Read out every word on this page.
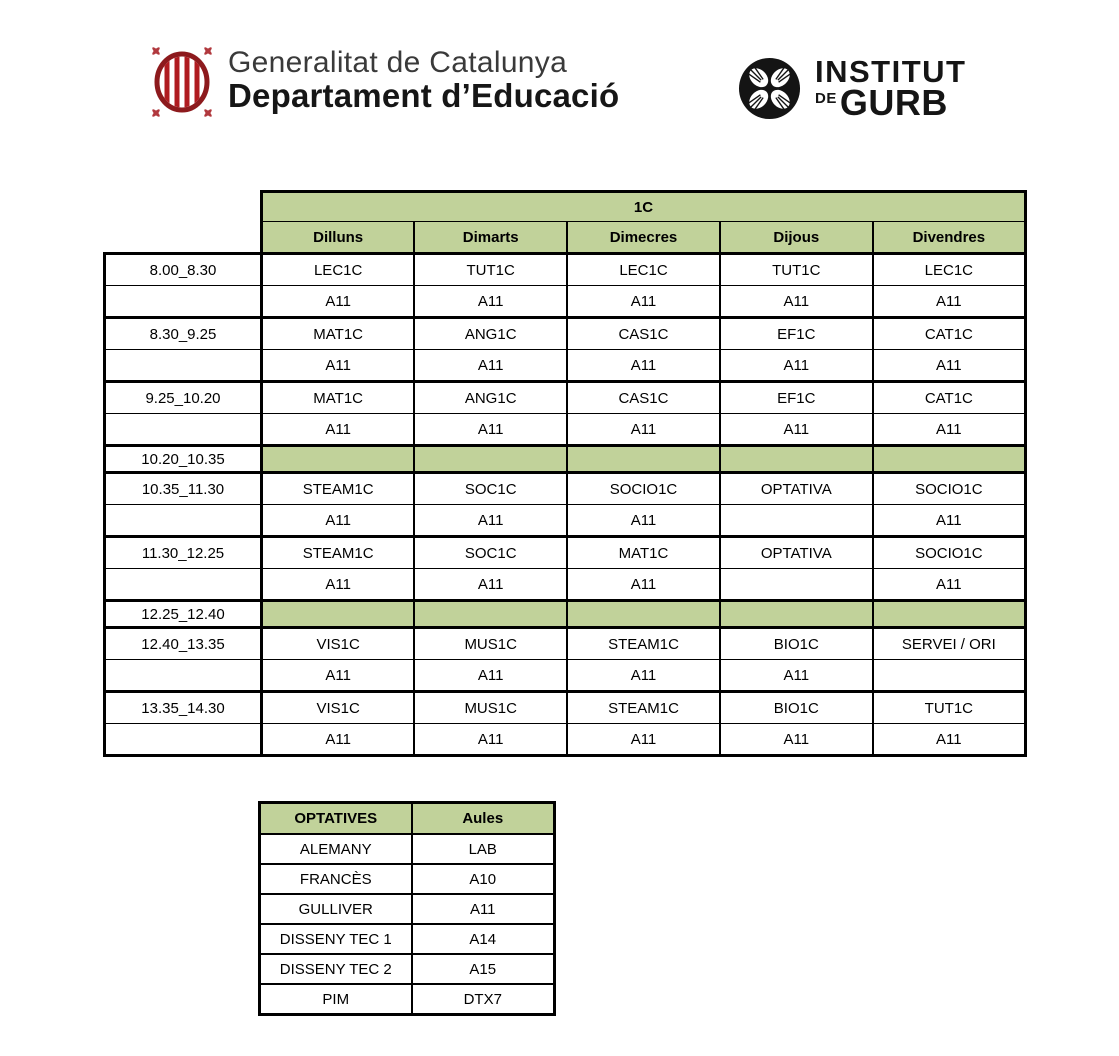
Generalitat de Catalunya
Departament d’Educació
INSTITUT
DE GURB
	1C				
	Dilluns	Dimarts	Dimecres	Dijous	Divendres
8.00_8.30	LEC1C	TUT1C	LEC1C	TUT1C	LEC1C
	A11	A11	A11	A11	A11
8.30_9.25	MAT1C	ANG1C	CAS1C	EF1C	CAT1C
	A11	A11	A11	A11	A11
9.25_10.20	MAT1C	ANG1C	CAS1C	EF1C	CAT1C
	A11	A11	A11	A11	A11
10.20_10.35					
10.35_11.30	STEAM1C	SOC1C	SOCIO1C	OPTATIVA	SOCIO1C
	A11	A11	A11		A11
11.30_12.25	STEAM1C	SOC1C	MAT1C	OPTATIVA	SOCIO1C
	A11	A11	A11		A11
12.25_12.40					
12.40_13.35	VIS1C	MUS1C	STEAM1C	BIO1C	SERVEI / ORI
	A11	A11	A11	A11	
13.35_14.30	VIS1C	MUS1C	STEAM1C	BIO1C	TUT1C
	A11	A11	A11	A11	A11
OPTATIVES	Aules
ALEMANY	LAB
FRANCÈS	A10
GULLIVER	A11
DISSENY TEC 1	A14
DISSENY TEC 2	A15
PIM	DTX7
